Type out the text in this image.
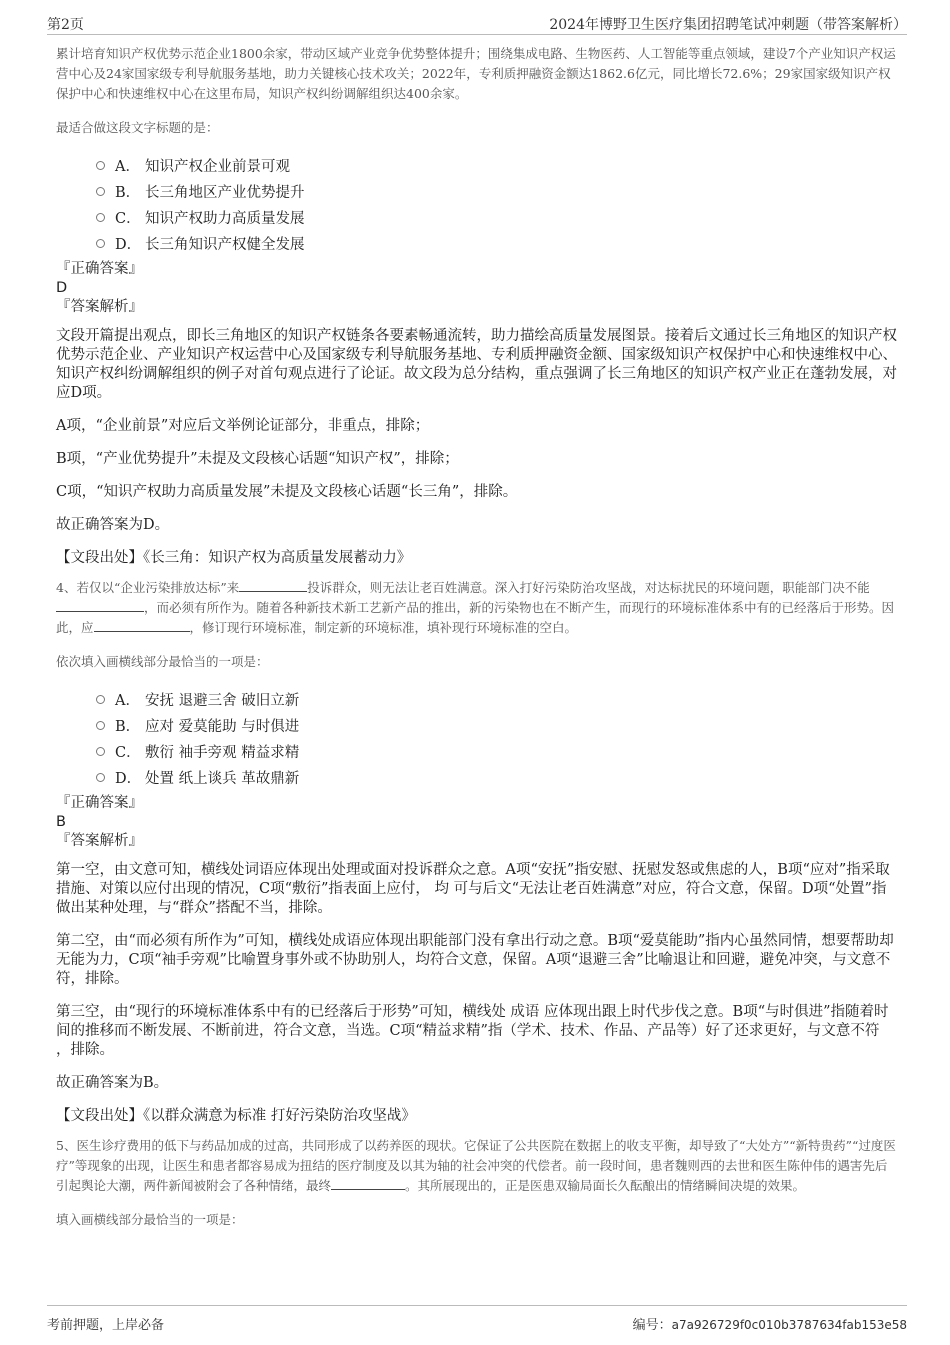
第2页	2024年博野卫生医疗集团招聘笔试冲刺题（带答案解析）

累计培育知识产权优势示范企业1800余家，带动区域产业竞争优势整体提升；围绕集成电路、生物医药、人工智能等重点领域，建设7个产业知识产权运营中心及24家国家级专利导航服务基地，助力关键核心技术攻关；2022年，专利质押融资金额达1862.6亿元，同比增长72.6%；29家国家级知识产权保护中心和快速维权中心在这里布局，知识产权纠纷调解组织达400余家。

最适合做这段文字标题的是：

A． 知识产权企业前景可观
B． 长三角地区产业优势提升
C． 知识产权助力高质量发展
D． 长三角知识产权健全发展

『正确答案』

D

『答案解析』

文段开篇提出观点，即长三角地区的知识产权链条各要素畅通流转，助力描绘高质量发展图景。接着后文通过长三角地区的知识产权优势示范企业、产业知识产权运营中心及国家级专利导航服务基地、专利质押融资金额、国家级知识产权保护中心和快速维权中心、知识产权纠纷调解组织的例子对首句观点进行了论证。故文段为总分结构，重点强调了长三角地区的知识产权产业正在蓬勃发展，对应D项。

A项，“企业前景”对应后文举例论证部分，非重点，排除；

B项，“产业优势提升”未提及文段核心话题“知识产权”，排除；

C项，“知识产权助力高质量发展”未提及文段核心话题“长三角”，排除。

故正确答案为D。

【文段出处】《长三角：知识产权为高质量发展蓄动力》

4、若仅以“企业污染排放达标”来	投诉群众，则无法让老百姓满意。深入打好污染防治攻坚战，对达标扰民的环境问题，职能部门决不能，而必须有所作为。随着各种新技术新工艺新产品的推出，新的污染物也在不断产生，而现行的环境标准体系中有的已经落后于形势。因此，应	，修订现行环境标准，制定新的环境标准，填补现行环境标准的空白。

依次填入画横线部分最恰当的一项是：

A． 安抚 退避三舍 破旧立新
B． 应对 爱莫能助 与时俱进
C． 敷衍 袖手旁观 精益求精
D． 处置 纸上谈兵 革故鼎新

『正确答案』

B

『答案解析』

第一空，由文意可知，横线处词语应体现出处理或面对投诉群众之意。A项“安抚”指安慰、抚慰发怒或焦虑的人，B项“应对”指采取措施、对策以应付出现的情况，C项“敷衍”指表面上应付， 均 可与后文“无法让老百姓满意”对应，符合文意，保留。D项“处置”指做出某种处理，与“群众”搭配不当，排除。

第二空，由“而必须有所作为”可知，横线处成语应体现出职能部门没有拿出行动之意。B项“爱莫能助”指内心虽然同情，想要帮助却无能为力，C项“袖手旁观”比喻置身事外或不协助别人，均符合文意，保留。A项“退避三舍”比喻退让和回避，避免冲突，与文意不符，排除。

第三空，由“现行的环境标准体系中有的已经落后于形势”可知，横线处 成语 应体现出跟上时代步伐之意。B项“与时俱进”指随着时间的推移而不断发展、不断前进，符合文意，当选。C项“精益求精”指（学术、技术、作品、产品等）好了还求更好，与文意不符 ，排除。

故正确答案为B。

【文段出处】《以群众满意为标准 打好污染防治攻坚战》

5、医生诊疗费用的低下与药品加成的过高，共同形成了以药养医的现状。它保证了公共医院在数据上的收支平衡，却导致了“大处方”“新特贵药”“过度医疗”等现象的出现，让医生和患者都容易成为扭结的医疗制度及以其为轴的社会冲突的代偿者。前一段时间，患者魏则西的去世和医生陈仲伟的遇害先后引起舆论大潮，两件新闻被附会了各种情绪，最终	。其所展现出的，正是医患双输局面长久酝酿出的情绪瞬间决堤的效果。

填入画横线部分最恰当的一项是：

考前押题，上岸必备	编号：a7a926729f0c010b3787634fab153e58
